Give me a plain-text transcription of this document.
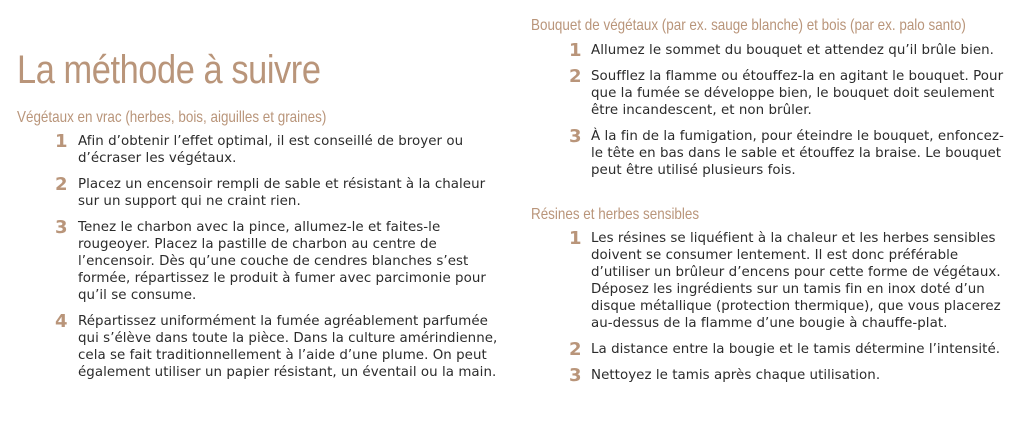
La méthode à suivre
Végétaux en vrac (herbes, bois, aiguilles et graines)
1 Afin d’obtenir l’effet optimal, il est conseillé de broyer ou d’écraser les végétaux.
2 Placez un encensoir rempli de sable et résistant à la chaleur sur un support qui ne craint rien.
3 Tenez le charbon avec la pince, allumez-le et faites-le rougeoyer. Placez la pastille de charbon au centre de l’encensoir. Dès qu’une couche de cendres blanches s’est formée, répartissez le produit à fumer avec parcimonie pour qu’il se consume.
4 Répartissez uniformément la fumée agréablement parfumée qui s’élève dans toute la pièce. Dans la culture amérindienne, cela se fait traditionnellement à l’aide d’une plume. On peut également utiliser un papier résistant, un éventail ou la main.
Bouquet de végétaux (par ex. sauge blanche) et bois (par ex. palo santo)
1 Allumez le sommet du bouquet et attendez qu’il brûle bien.
2 Soufflez la flamme ou étouffez-la en agitant le bouquet. Pour que la fumée se développe bien, le bouquet doit seulement être incandescent, et non brûler.
3 À la fin de la fumigation, pour éteindre le bouquet, enfoncez-le tête en bas dans le sable et étouffez la braise. Le bouquet peut être utilisé plusieurs fois.
Résines et herbes sensibles
1 Les résines se liquéfient à la chaleur et les herbes sensibles doivent se consumer lentement. Il est donc préférable d’utiliser un brûleur d’encens pour cette forme de végétaux. Déposez les ingrédients sur un tamis fin en inox doté d’un disque métallique (protection thermique), que vous placerez au-dessus de la flamme d’une bougie à chauffe-plat.
2 La distance entre la bougie et le tamis détermine l’intensité.
3 Nettoyez le tamis après chaque utilisation.
